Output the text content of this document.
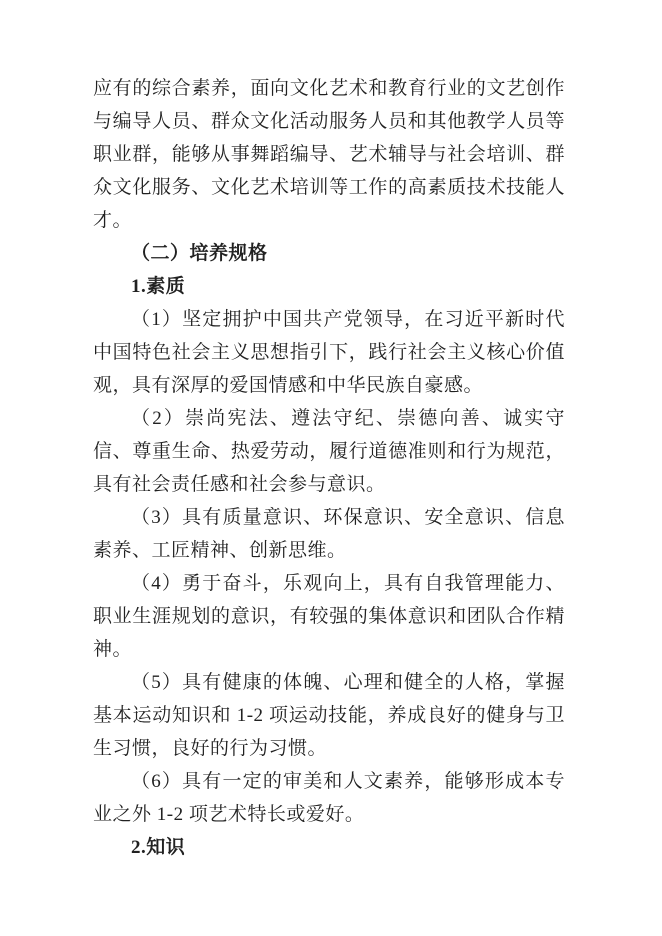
应有的综合素养，面向文化艺术和教育行业的文艺创作与编导人员、群众文化活动服务人员和其他教学人员等职业群，能够从事舞蹈编导、艺术辅导与社会培训、群众文化服务、文化艺术培训等工作的高素质技术技能人才。

（二）培养规格

1.素质

（1）坚定拥护中国共产党领导，在习近平新时代中国特色社会主义思想指引下，践行社会主义核心价值观，具有深厚的爱国情感和中华民族自豪感。

（2）崇尚宪法、遵法守纪、崇德向善、诚实守信、尊重生命、热爱劳动，履行道德准则和行为规范，具有社会责任感和社会参与意识。

（3）具有质量意识、环保意识、安全意识、信息素养、工匠精神、创新思维。

（4）勇于奋斗，乐观向上，具有自我管理能力、职业生涯规划的意识，有较强的集体意识和团队合作精神。

（5）具有健康的体魄、心理和健全的人格，掌握基本运动知识和 1-2 项运动技能，养成良好的健身与卫生习惯，良好的行为习惯。

（6）具有一定的审美和人文素养，能够形成本专业之外 1-2 项艺术特长或爱好。

2.知识
